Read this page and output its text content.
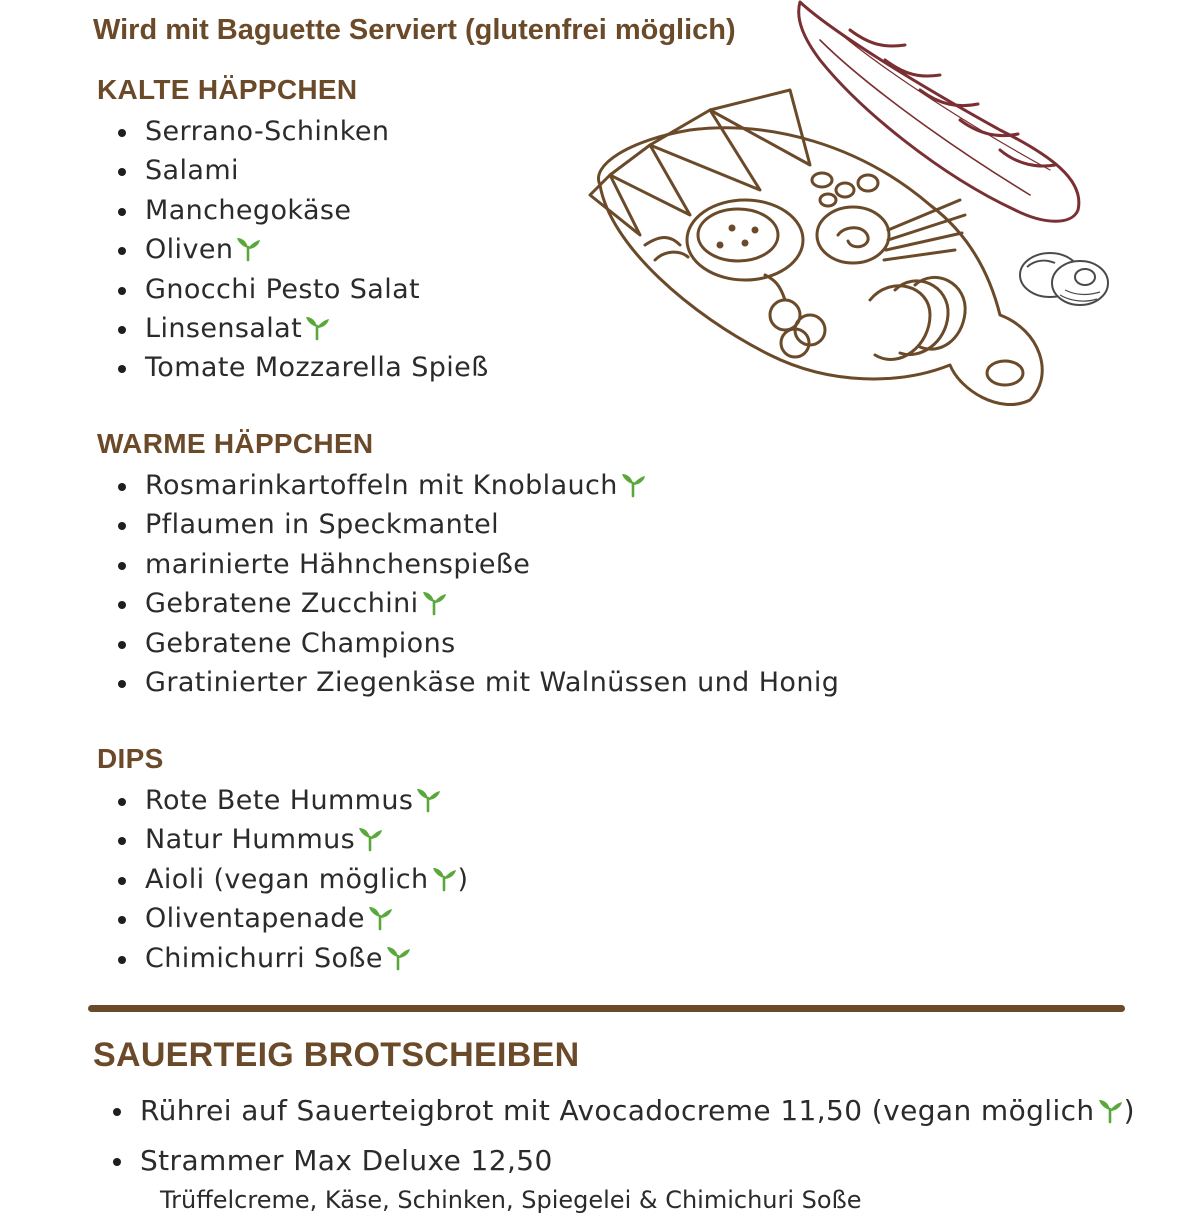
Wird mit Baguette Serviert (glutenfrei möglich)
KALTE HÄPPCHEN
Serrano-Schinken
Salami
Manchegokäse
Oliven
Gnocchi Pesto Salat
Linsensalat
Tomate Mozzarella Spieß
WARME HÄPPCHEN
Rosmarinkartoffeln mit Knoblauch
Pflaumen in Speckmantel
marinierte Hähnchenspieße
Gebratene Zucchini
Gebratene Champions
Gratinierter Ziegenkäse mit Walnüssen und Honig
DIPS
Rote Bete Hummus
Natur Hummus
Aioli (vegan möglich )
Oliventapenade
Chimichurri Soße
SAUERTEIG BROTSCHEIBEN
Rührei auf Sauerteigbrot mit Avocadocreme 11,50 (vegan möglich )
Strammer Max Deluxe 12,50
Trüffelcreme, Käse, Schinken, Spiegelei & Chimichuri Soße
